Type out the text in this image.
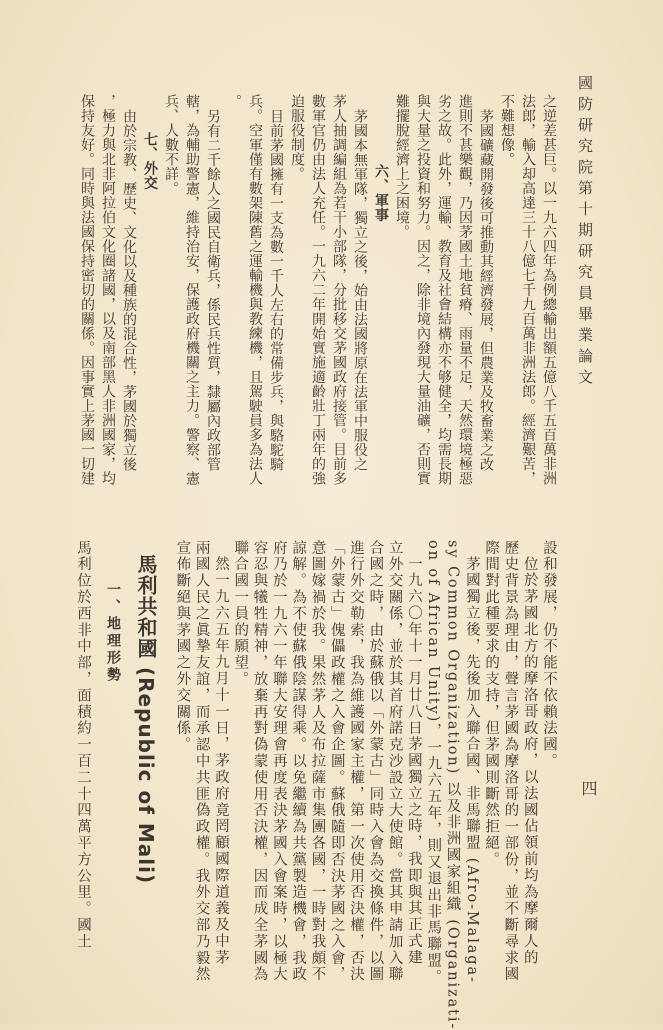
國防研究院第十期研究員畢業論文
四
之逆差甚巨。以一九六四年為例總輸出額五億八千五百萬非洲
法郎，輸入却高達三十八億七千九百萬非洲法郎。經濟艱苦，
不難想像。
茅國礦藏開發後可推動其經濟發展，但農業及牧畜業之改
進則不甚樂觀，乃因茅國土地貧瘠、雨量不足，天然環境極惡
劣之故。此外，運輸、教育及社會結構亦不够健全，均需長期
與大量之投資和努力。因之，除非境內發現大量油礦，否則實
難擺脫經濟上之困境。
六、軍事
茅國本無軍隊，獨立之後，始由法國將原在法軍中服役之
茅人抽調編組為若干小部隊，分批移交茅國政府接管。目前多
數軍官仍由法人充任。一九六二年開始實施適齡壯丁兩年的強
迫服役制度。
目前茅國擁有一支為數一千人左右的常備步兵，與駱駝騎
兵。空軍僅有數架陳舊之運輸機與教練機，且駕駛員多為法人
。
另有二千餘人之國民自衛兵，係民兵性質，隸屬內政部管
轄，為輔助警憲，維持治安，保護政府機關之主力。警察、憲
兵、人數不詳。
七、外交
由於宗教、歷史、文化以及種族的混合性，茅國於獨立後
，極力與北非阿拉伯文化圈諸國，以及南部黑人非洲國家，均
保持友好。同時與法國保持密切的關係。因事實上茅國一切建
設和發展，仍不能不依賴法國。
位於茅國北方的摩洛哥政府，以法國佔領前均為摩爾人的
歷史背景為理由，聲言茅國為摩洛哥的一部份，並不斷尋求國
際間對此種要求的支持，但茅國則斷然拒絕。
茅國獨立後，先後加入聯合國、非馬聯盟 (Afro-Malaga-
sy Common Organization) 以及非洲國家組織 (Organizati-
on of African Unity)，一九六五年，則又退出非馬聯盟。
一九六〇年十一月廿八日茅國獨立之時，我即與其正式建
立外交關係，並於其首府諾克沙設立大使館。當其申請加入聯
合國之時，由於蘇俄以「外蒙古」同時入會為交換條件，以圖
進行外交勒索，我為維護國家主權，第一次使用否決權，否決
「外蒙古」傀儡政權之入會企圖。蘇俄隨即否決茅國之入會，
意圖嫁禍於我。果然茅人及布拉薩市集團各國，一時對我頗不
諒解。為不使蘇俄陰謀得乘。以免繼續為共黨製造機會，我政
府乃於一九六一年聯大安理會再度表決茅國入會案時，以極大
容忍與犧牲精神，放棄再對偽蒙使用否決權，因而成全茅國為
聯合國一員的願望。
然一九六五年九月十一日，茅政府竟罔顧國際道義及中茅
兩國人民之眞摯友誼，而承認中共匪偽政權。我外交部乃毅然
宣佈斷絕與茅國之外交關係。
馬利共和國 (Republic of Mali)
一、地理形勢
馬利位於西非中部，面積約一百二十四萬平方公里。國土
